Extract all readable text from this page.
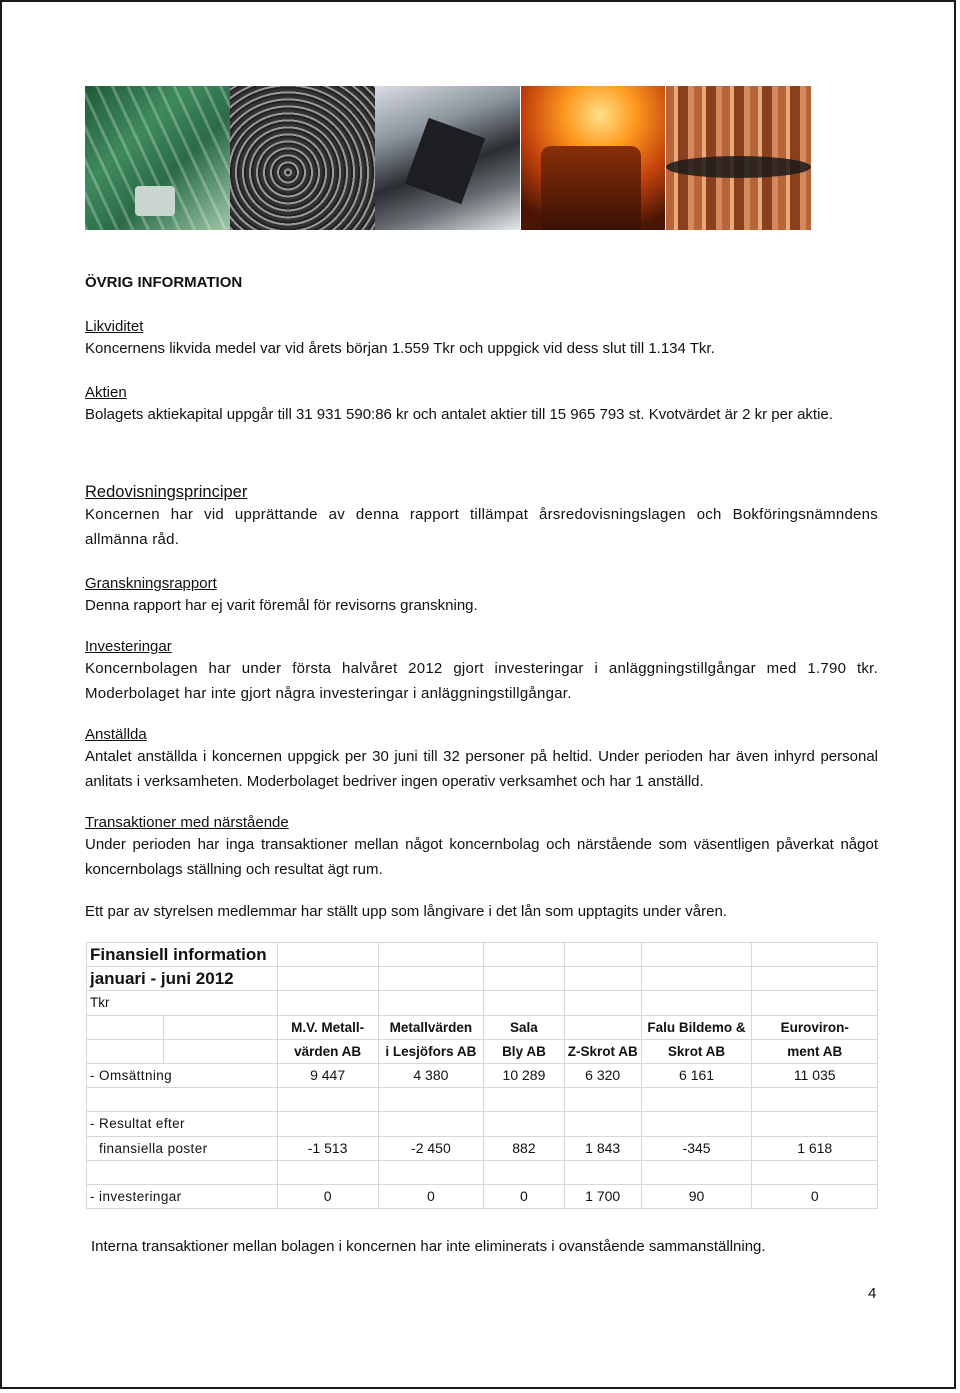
ÖVRIG INFORMATION

Likviditet

Koncernens likvida medel var vid årets början 1.559 Tkr och uppgick vid dess slut till 1.134 Tkr.

Aktien

Bolagets aktiekapital uppgår till 31 931 590:86 kr och antalet aktier till 15 965 793 st. Kvotvärdet är 2 kr per aktie.

Redovisningsprinciper

Koncernen har vid upprättande av denna rapport tillämpat årsredovisningslagen och Bokföringsnämndens allmänna råd.

Granskningsrapport

Denna rapport har ej varit föremål för revisorns granskning.

Investeringar

Koncernbolagen har under första halvåret 2012 gjort investeringar i anläggningstillgångar med 1.790 tkr. Moderbolaget har inte gjort några investeringar i anläggningstillgångar.

Anställda

Antalet anställda i koncernen uppgick per 30 juni till 32 personer på heltid. Under perioden har även inhyrd personal anlitats i verksamheten. Moderbolaget bedriver ingen operativ verksamhet och har 1 anställd.

Transaktioner med närstående

Under perioden har inga transaktioner mellan något koncernbolag och närstående som väsentligen påverkat något koncernbolags ställning och resultat ägt rum.

Ett par av styrelsen medlemmar har ställt upp som långivare i det lån som upptagits under våren.

Finansiell information							
januari - juni 2012							
Tkr							
		M.V. Metall-	Metallvärden	Sala		Falu Bildemo &	Euroviron-
		värden AB	i Lesjöfors AB	Bly AB	Z-Skrot AB	Skrot AB	ment AB
- Omsättning		9 447	4 380	10 289	6 320	6 161	11 035

- Resultat efter							
finansiella poster		-1 513	-2 450	882	1 843	-345	1 618

- investeringar		0	0	0	1 700	90	0

Interna transaktioner mellan bolagen i koncernen har inte eliminerats i ovanstående sammanställning.

4
